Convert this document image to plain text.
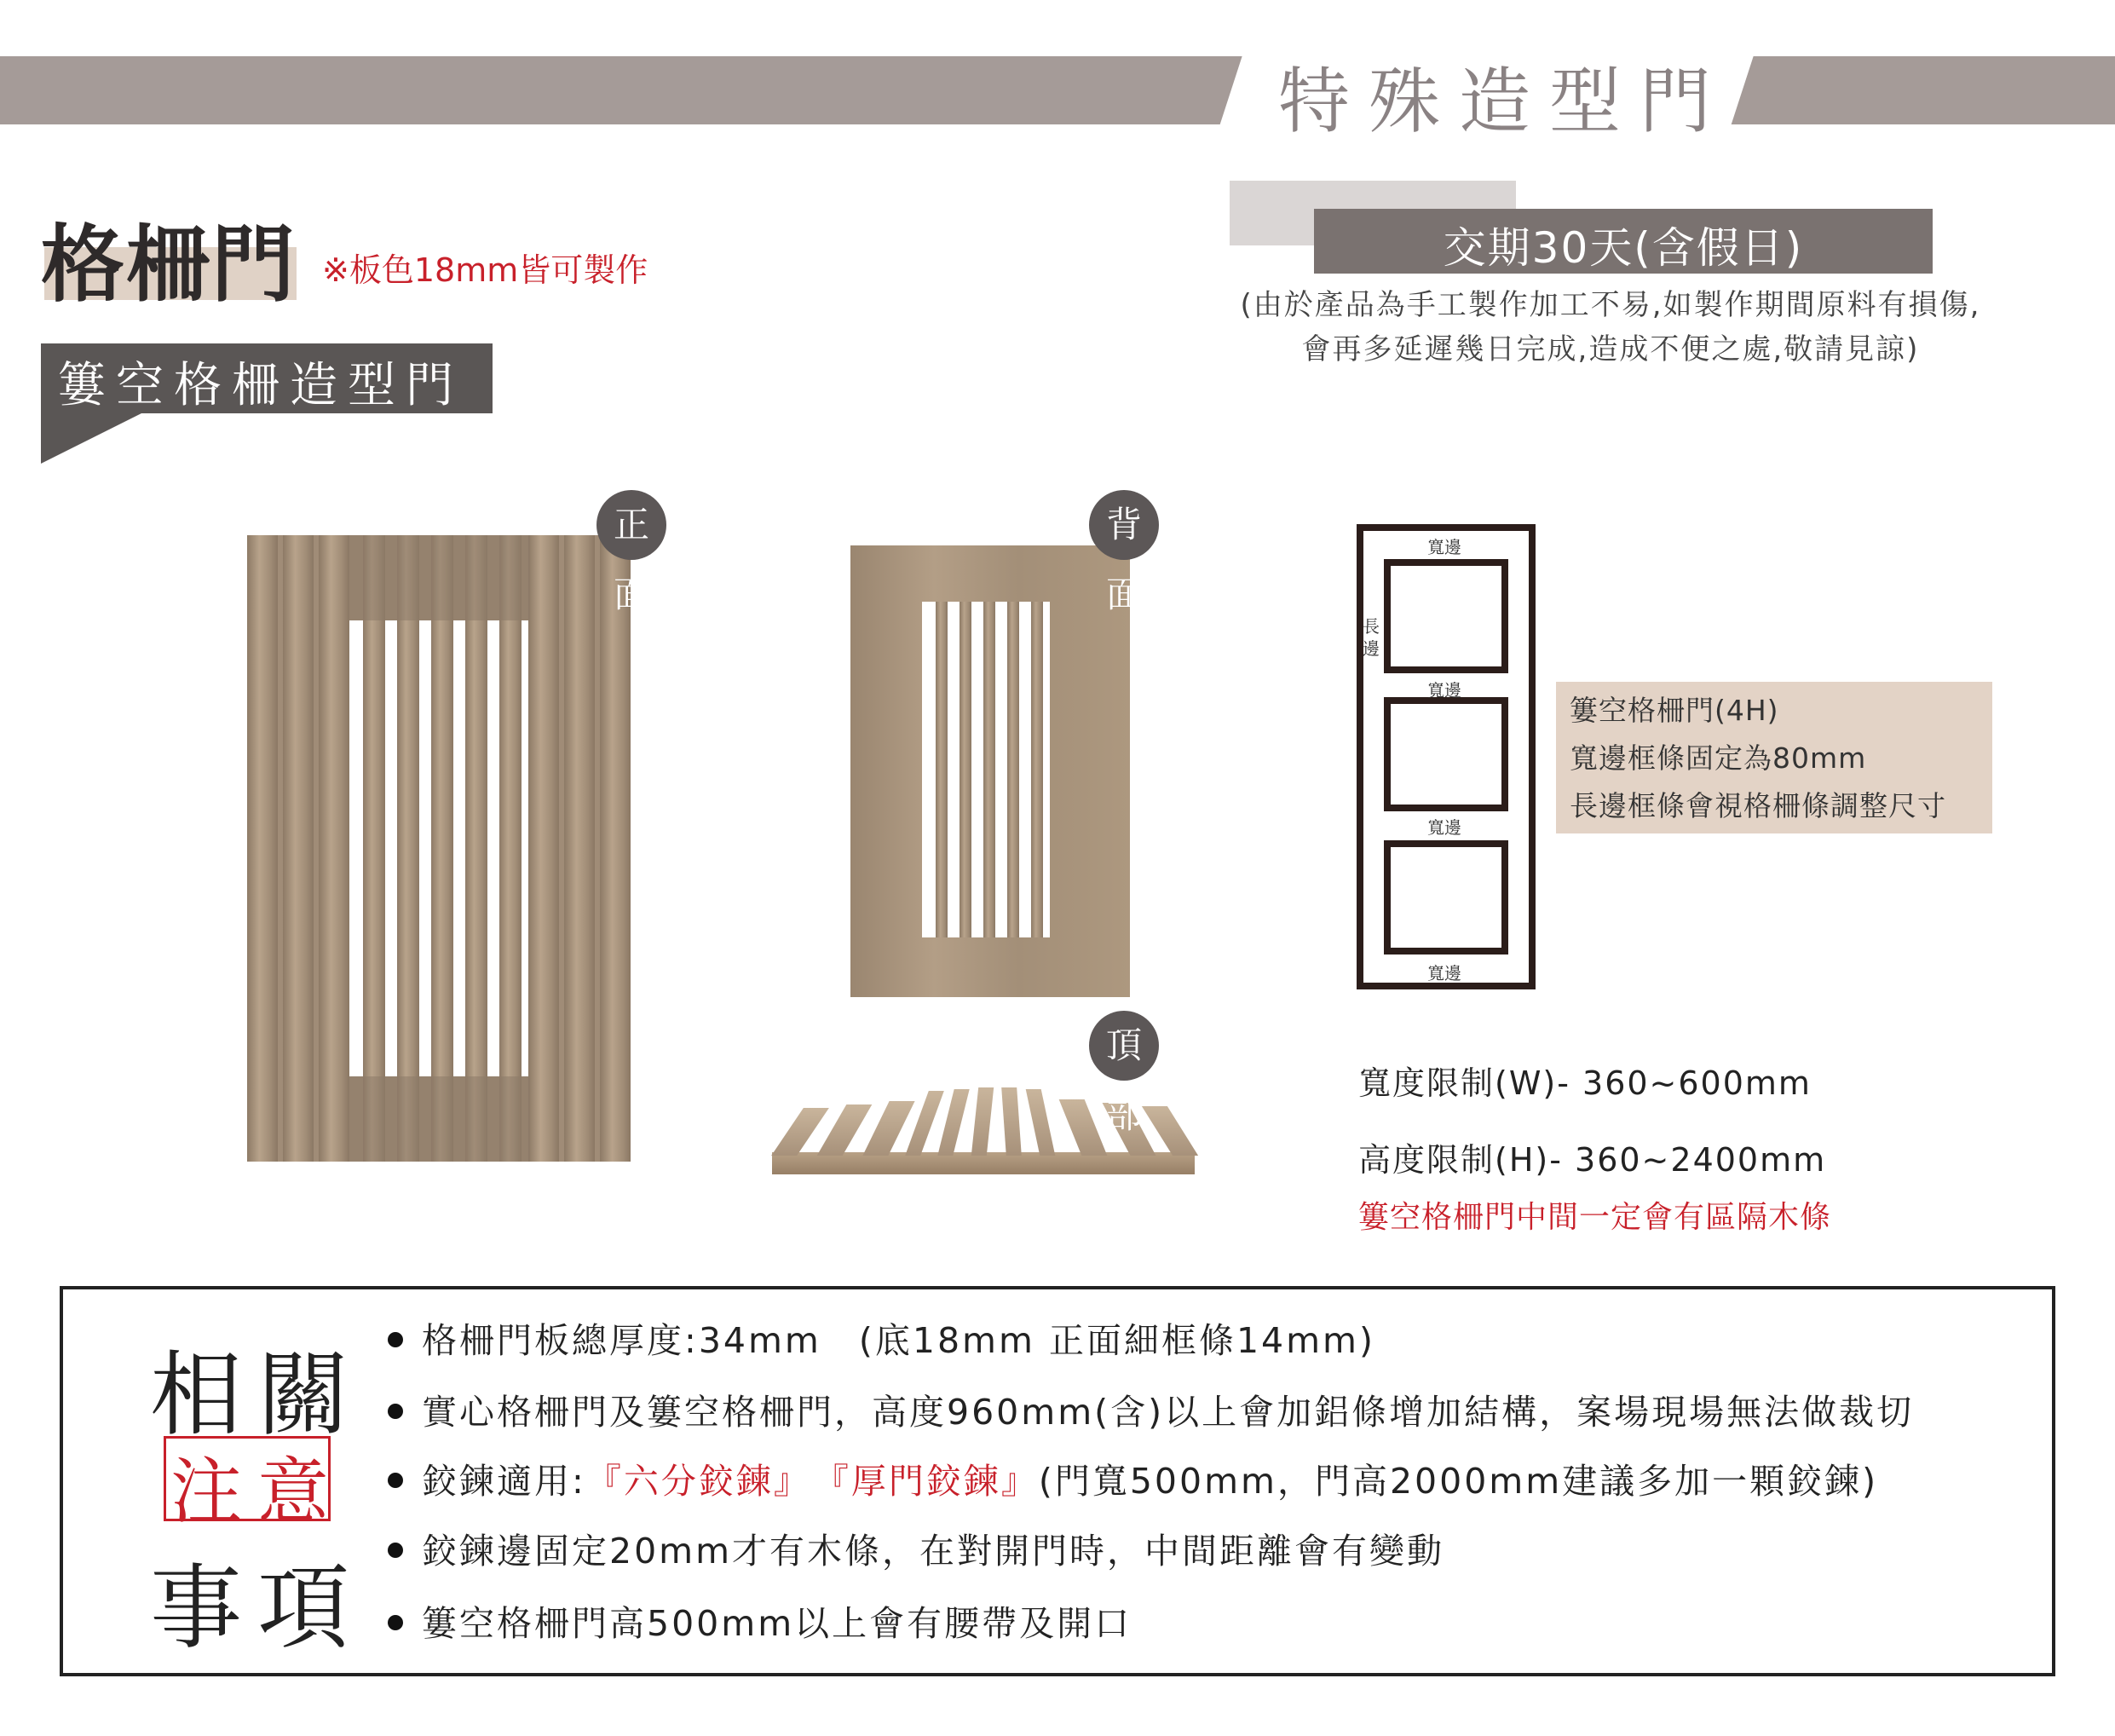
特殊造型門
格柵門 ※板色18mm皆可製作
簍空格柵造型門
交期30天(含假日)
(由於產品為手工製作加工不易,如製作期間原料有損傷,
會再多延遲幾日完成,造成不便之處,敬請見諒)
正面
背面
頂部
寬邊
寬邊
寬邊
寬邊
長邊
簍空格柵門(4H)
寬邊框條固定為80mm
長邊框條會視格柵條調整尺寸
寬度限制(W)- 360~600mm
高度限制(H)- 360~2400mm
簍空格柵門中間一定會有區隔木條
相關
注意
事項
格柵門板總厚度:34mm　(底18mm 正面細框條14mm)
實心格柵門及簍空格柵門，高度960mm(含)以上會加鋁條增加結構，案場現場無法做裁切
鉸鍊適用:『六分鉸鍊』　 『厚門鉸鍊』(門寬500mm，門高2000mm建議多加一顆鉸鍊)
鉸鍊邊固定20mm才有木條，在對開門時，中間距離會有變動
簍空格柵門高500mm以上會有腰帶及開口
